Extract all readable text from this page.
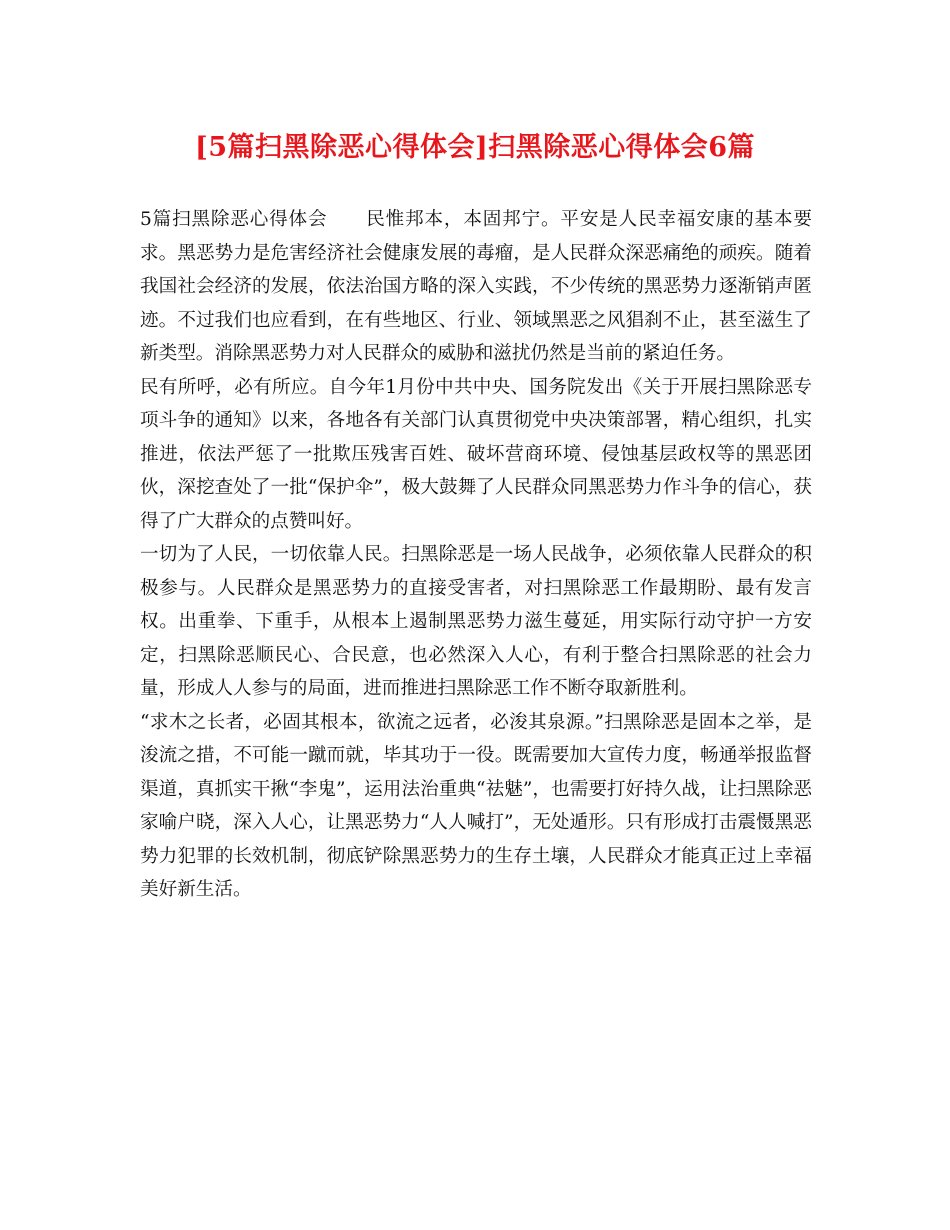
[5篇扫黑除恶心得体会]扫黑除恶心得体会6篇

5篇扫黑除恶心得体会　　 民惟邦本，本固邦宁。平安是人民幸福安康的基本要求。黑恶势力是危害经济社会健康发展的毒瘤，是人民群众深恶痛绝的顽疾。随着我国社会经济的发展，依法治国方略的深入实践，不少传统的黑恶势力逐渐销声匿迹。不过我们也应看到，在有些地区、行业、领域黑恶之风猖刹不止，甚至滋生了新类型。消除黑恶势力对人民群众的威胁和滋扰仍然是当前的紧迫任务。

民有所呼，必有所应。自今年1月份中共中央、国务院发出《关于开展扫黑除恶专项斗争的通知》以来，各地各有关部门认真贯彻党中央决策部署，精心组织，扎实推进，依法严惩了一批欺压残害百姓、破坏营商环境、侵蚀基层政权等的黑恶团伙，深挖查处了一批“保护伞”，极大鼓舞了人民群众同黑恶势力作斗争的信心，获得了广大群众的点赞叫好。

一切为了人民，一切依靠人民。扫黑除恶是一场人民战争，必须依靠人民群众的积极参与。人民群众是黑恶势力的直接受害者，对扫黑除恶工作最期盼、最有发言权。出重拳、下重手，从根本上遏制黑恶势力滋生蔓延，用实际行动守护一方安定，扫黑除恶顺民心、合民意，也必然深入人心，有利于整合扫黑除恶的社会力量，形成人人参与的局面，进而推进扫黑除恶工作不断夺取新胜利。

“求木之长者，必固其根本，欲流之远者，必浚其泉源。”扫黑除恶是固本之举，是浚流之措，不可能一蹴而就，毕其功于一役。既需要加大宣传力度，畅通举报监督渠道，真抓实干揪“李鬼”，运用法治重典“祛魅”，也需要打好持久战，让扫黑除恶家喻户晓，深入人心，让黑恶势力“人人喊打”，无处遁形。只有形成打击震慑黑恶势力犯罪的长效机制，彻底铲除黑恶势力的生存土壤，人民群众才能真正过上幸福美好新生活。
